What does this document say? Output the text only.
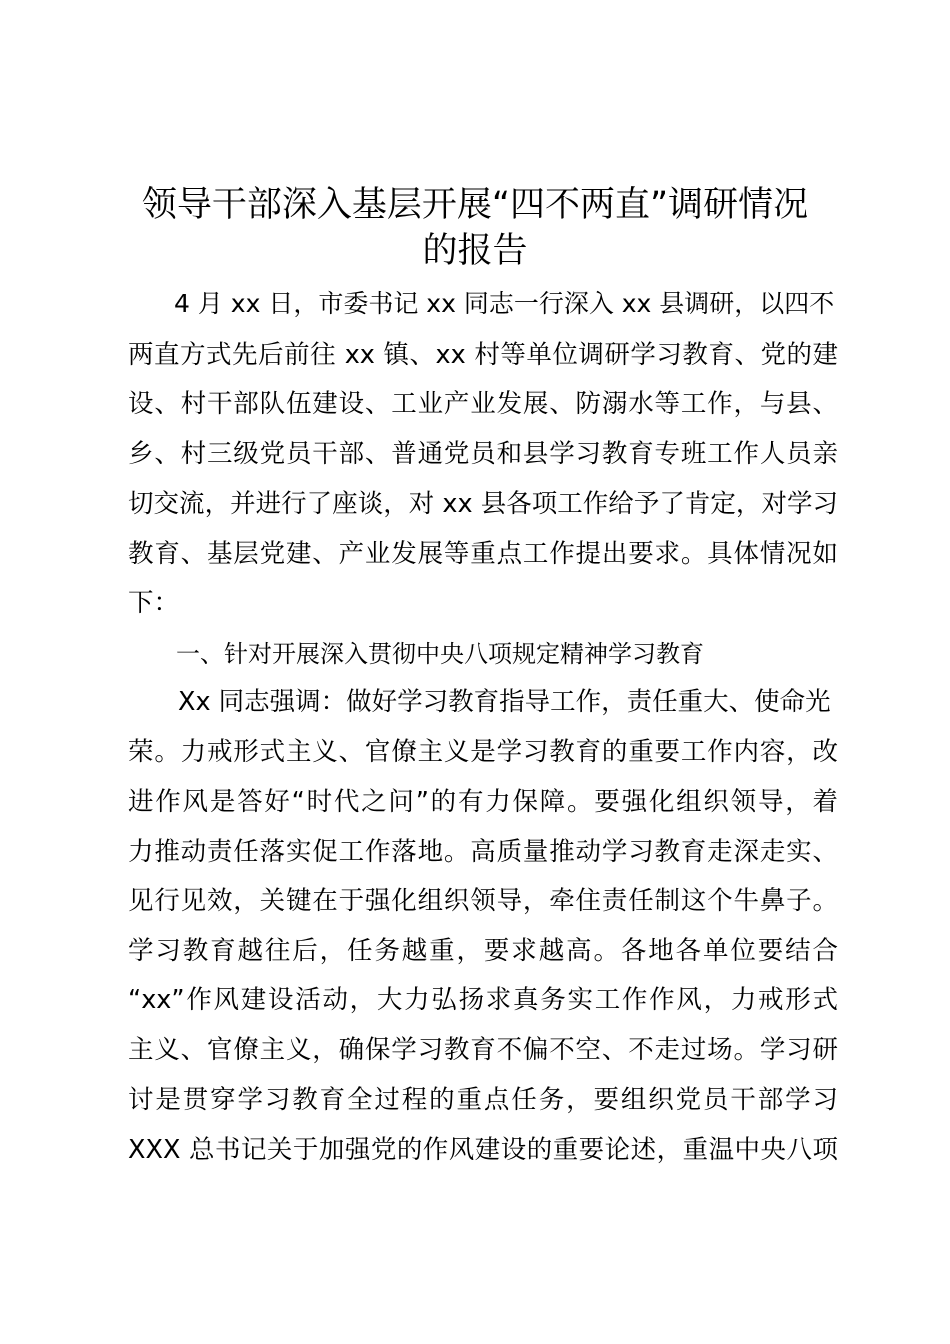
领导干部深入基层开展“四不两直”调研情况
的报告
4 月 xx 日，市委书记 xx 同志一行深入 xx 县调研，以四不
两直方式先后前往 xx 镇、xx 村等单位调研学习教育、党的建
设、村干部队伍建设、工业产业发展、防溺水等工作，与县、
乡、村三级党员干部、普通党员和县学习教育专班工作人员亲
切交流，并进行了座谈，对 xx 县各项工作给予了肯定，对学习
教育、基层党建、产业发展等重点工作提出要求。具体情况如
下：
一、针对开展深入贯彻中央八项规定精神学习教育
Xx 同志强调：做好学习教育指导工作，责任重大、使命光
荣。力戒形式主义、官僚主义是学习教育的重要工作内容，改
进作风是答好“时代之问”的有力保障。要强化组织领导，着
力推动责任落实促工作落地。高质量推动学习教育走深走实、
见行见效，关键在于强化组织领导，牵住责任制这个牛鼻子。
学习教育越往后，任务越重，要求越高。各地各单位要结合
“xx”作风建设活动，大力弘扬求真务实工作作风，力戒形式
主义、官僚主义，确保学习教育不偏不空、不走过场。学习研
讨是贯穿学习教育全过程的重点任务，要组织党员干部学习
XXX 总书记关于加强党的作风建设的重要论述，重温中央八项
